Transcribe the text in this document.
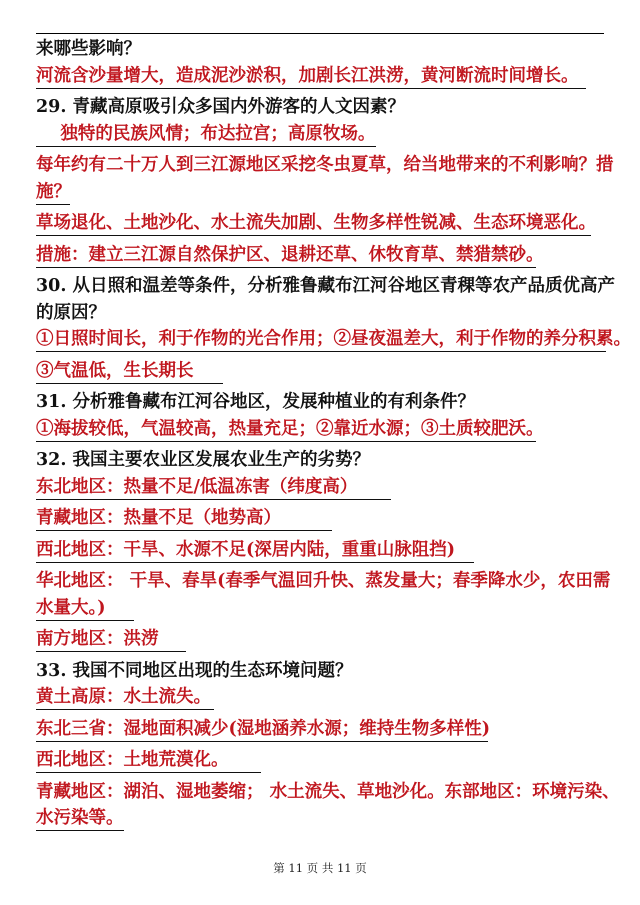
来哪些影响？
河流含沙量增大，造成泥沙淤积，加剧长江洪涝，黄河断流时间增长。
29. 青藏高原吸引众多国内外游客的人文因素？
独特的民族风情；布达拉宫；高原牧场。
每年约有二十万人到三江源地区采挖冬虫夏草，给当地带来的不利影响？措
施？
草场退化、土地沙化、水土流失加剧、生物多样性锐减、生态环境恶化。
措施：建立三江源自然保护区、退耕还草、休牧育草、禁猎禁砂。
30. 从日照和温差等条件，分析雅鲁藏布江河谷地区青稞等农产品质优高产
的原因？
①日照时间长，利于作物的光合作用；②昼夜温差大，利于作物的养分积累。
③气温低，生长期长
31. 分析雅鲁藏布江河谷地区，发展种植业的有利条件？
①海拔较低，气温较高，热量充足；②靠近水源；③土质较肥沃。
32. 我国主要农业区发展农业生产的劣势？
东北地区：热量不足/低温冻害（纬度高）
青藏地区：热量不足（地势高）
西北地区：干旱、水源不足(深居内陆，重重山脉阻挡)
华北地区： 干旱、春旱(春季气温回升快、蒸发量大；春季降水少，农田需
水量大。)
南方地区：洪涝
33. 我国不同地区出现的生态环境问题？
黄土高原：水土流失。
东北三省：湿地面积减少(湿地涵养水源；维持生物多样性)
西北地区：土地荒漠化。
青藏地区：湖泊、湿地萎缩； 水土流失、草地沙化。东部地区：环境污染、
水污染等。
第 11 页 共 11 页
